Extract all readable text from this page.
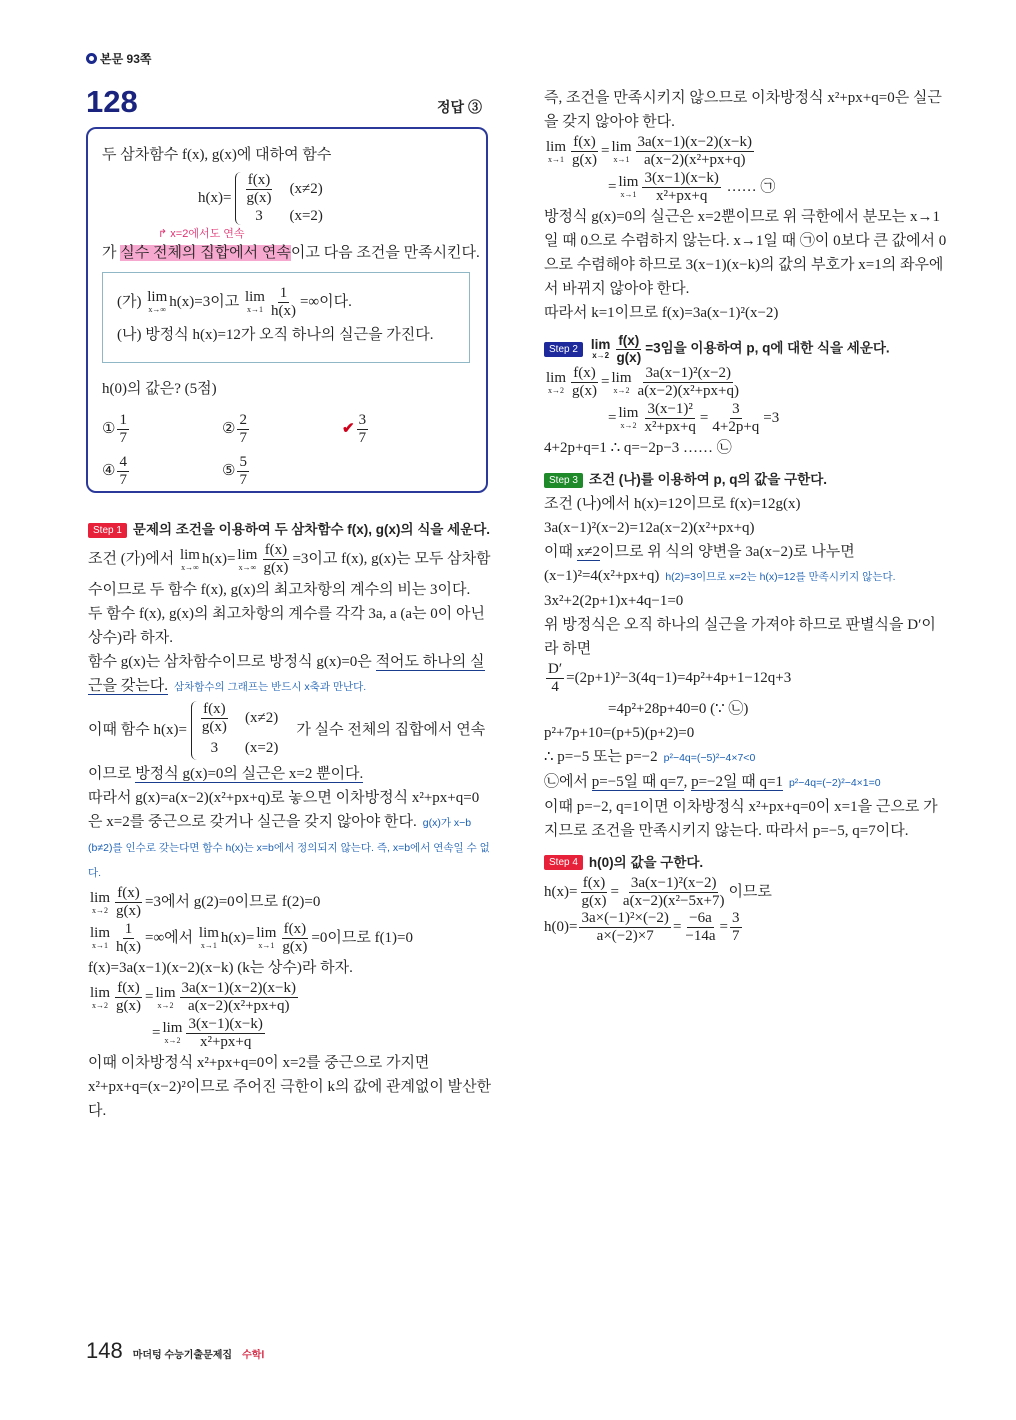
본문 93쪽
128	정답 ③
두 삼차함수 f(x), g(x)에 대하여 함수
$h(x)= \frac{f(x)}{g(x)}$	(x≠2)
3	(x=2)
↱ x=2에서도 연속
가 실수 전체의 집합에서 연속이고 다음 조건을 만족시킨다.
(가) lim
x→∞
h(x)=3이고 lim
$x\to 1 \frac{1}{h(x)}$ =∞이다.
(나) 방정식 h(x)=12가 오직 하나의 실근을 가진다.
h(0)의 값은? (5점)
① $\frac{1}{7}$	② $\frac{2}{7}$	✔ $\frac{3}{7}$
④ $\frac{4}{7}$	⑤ $\frac{5}{7}$
Step 1 문제의 조건을 이용하여 두 삼차함수 f(x), g(x)의 식을 세운다.
조건 (가)에서 lim
x→∞
h(x)= lim
$x\to\infty \frac{f(x)}{g(x)} =3$이고 f(x), g(x)는 모두 삼차함수이므로 두 함수 f(x), g(x)의 최고차항의 계수의 비는 3이다.
두 함수 f(x), g(x)의 최고차항의 계수를 각각 3a, a (a는 0이 아닌 상수)라 하자.
함수 g(x)는 삼차함수이므로 방정식 g(x)=0은 적어도 하나의 실근을 갖는다. 삼차함수의 그래프는 반드시 x축과 만난다.
이때 함수 $h(x)= \frac{f(x)}{g(x)}$	(x≠2)
3	(x=2)
가 실수 전체의 집합에서 연속이므로 방정식 g(x)=0의 실근은 x=2 뿐이다.
따라서 g(x)=a(x−2)(x²+px+q)로 놓으면 이차방정식 x²+px+q=0은 x=2를 중근으로 갖거나 실근을 갖지 않아야 한다. g(x)가 x−b (b≠2)를 인수로 갖는다면 함수 h(x)는 x=b에서 정의되지 않는다. 즉, x=b에서 연속일 수 없다.
lim
$x\to 2 \frac{f(x)}{g(x)} =3$에서 g(2)=0이므로 f(2)=0
lim
$x\to 1 \frac{1}{h(x)}$ =∞에서 lim
x→1
h(x)= lim
$x\to 1 \frac{f(x)}{g(x)} =0$이므로 f(1)=0
f(x)=3a(x−1)(x−2)(x−k) (k는 상수)라 하자.
lim
$x\to 2 \frac{f(x)}{g(x)} = \lim$
$x\to 2 \frac{3a(x-1)(x-2)(x-k)}{\text{a(x−2)(x²+px+q)}}$
= lim
$x\to 2 \frac{3(x-1)(x-k)}{\text{x²+px+q}}$
이때 이차방정식 x²+px+q=0이 x=2를 중근으로 가지면 x²+px+q=(x−2)²이므로 주어진 극한이 k의 값에 관계없이 발산한다.
즉, 조건을 만족시키지 않으므로 이차방정식 x²+px+q=0은 실근을 갖지 않아야 한다.
lim
$x\to 1 \frac{f(x)}{g(x)} = \lim$
$x\to 1 \frac{3a(x-1)(x-2)(x-k)}{\text{a(x−2)(x²+px+q)}}$
= lim
$x\to 1 \frac{3(x-1)(x-k)}{\text{x²+px+q}}$ …… ㉠
방정식 g(x)=0의 실근은 x=2뿐이므로 위 극한에서 분모는 x→1일 때 0으로 수렴하지 않는다. x→1일 때 ㉠이 0보다 큰 값에서 0으로 수렴해야 하므로 3(x−1)(x−k)의 값의 부호가 x=1의 좌우에서 바뀌지 않아야 한다.
따라서 k=1이므로 f(x)=3a(x−1)²(x−2)
Step 2 lim
$x\to 2 \frac{f(x)}{g(x)} =3$임을 이용하여 p, q에 대한 식을 세운다.
lim
$x\to 2 \frac{f(x)}{g(x)} = \lim$
$x\to 2 \frac{\text{3a(x−1)²(x−2)}}{\text{a(x−2)(x²+px+q)}}$
= lim
$x\to 2 \frac{\text{3(x−1)²}}{\text{x²+px+q}} = \frac{3}{4+2p+q} =3$
4+2p+q=1 ∴ q=−2p−3 …… ㉡
Step 3 조건 (나)를 이용하여 p, q의 값을 구한다.
조건 (나)에서 h(x)=12이므로 f(x)=12g(x)
3a(x−1)²(x−2)=12a(x−2)(x²+px+q)
이때 x≠2이므로 위 식의 양변을 3a(x−2)로 나누면
(x−1)²=4(x²+px+q) h(2)=3이므로 x=2는 h(x)=12를 만족시키지 않는다.
3x²+2(2p+1)x+4q−1=0
위 방정식은 오직 하나의 실근을 가져야 하므로 판별식을 D′이라 하면
$\frac{D'}{4} =(2p+1)^2-3(4q-1)=4p^2+4p+1-12q+3$
=4p²+28p+40=0 (∵ ㉡)
p²+7p+10=(p+5)(p+2)=0
∴ p=−5 또는 p=−2 p²−4q=(−5)²−4×7<0
㉡에서 p=−5일 때 q=7, p=−2일 때 q=1 p²−4q=(−2)²−4×1=0
이때 p=−2, q=1이면 이차방정식 x²+px+q=0이 x=1을 근으로 가지므로 조건을 만족시키지 않는다. 따라서 p=−5, q=7이다.
Step 4 h(0)의 값을 구한다.
$h(x)= \frac{f(x)}{g(x)} = \frac{\text{3a(x−1)²(x−2)}}{\text{a(x−2)(x²−5x+7)}}$ 이므로
$h(0)= \frac{\text{3a×(−1)²×(−2)}}{a\times(-2)\times 7} = \frac{-6a}{-14a} = \frac{3}{7}$
148 마더텅 수능기출문제집 수학Ⅰ
